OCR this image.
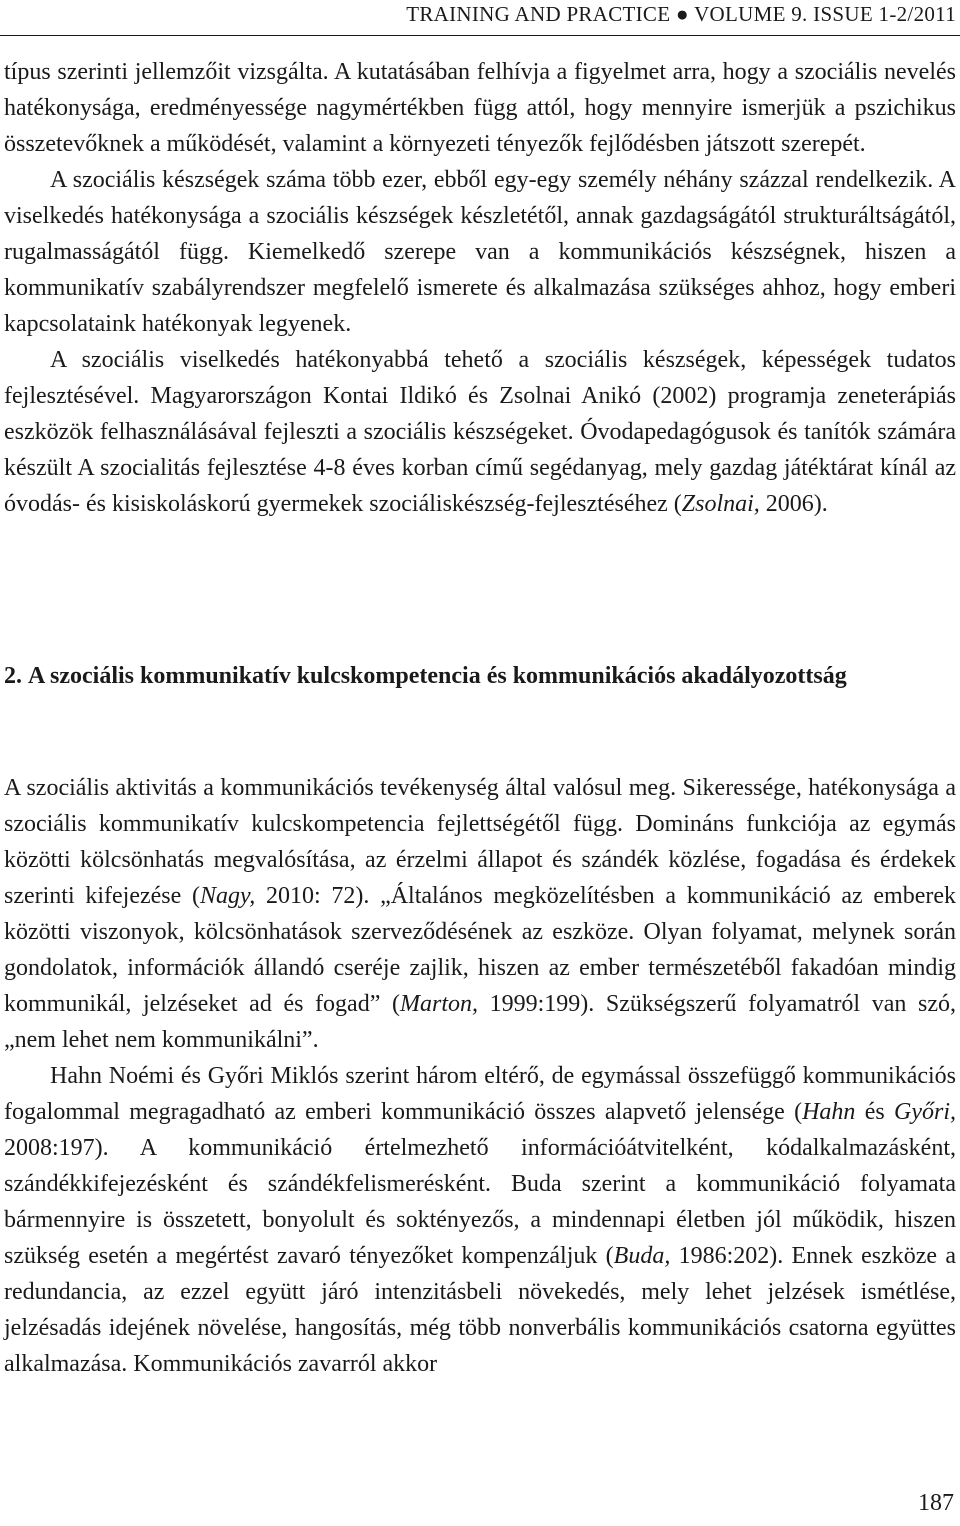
TRAINING AND PRACTICE ● VOLUME 9. ISSUE 1-2/2011

típus szerinti jellemzőit vizsgálta. A kutatásában felhívja a figyelmet arra, hogy a szociális nevelés hatékonysága, eredményessége nagymértékben függ attól, hogy mennyire ismerjük a pszichikus összetevőknek a működését, valamint a környezeti tényezők fejlődésben játszott szerepét.

A szociális készségek száma több ezer, ebből egy-egy személy néhány százzal rendelkezik. A viselkedés hatékonysága a szociális készségek készletétől, annak gazdagságától strukturáltságától, rugalmasságától függ. Kiemelkedő szerepe van a kommunikációs készségnek, hiszen a kommunikatív szabályrendszer megfelelő ismerete és alkalmazása szükséges ahhoz, hogy emberi kapcsolataink hatékonyak legyenek.

A szociális viselkedés hatékonyabbá tehető a szociális készségek, képességek tudatos fejlesztésével. Magyarországon Kontai Ildikó és Zsolnai Anikó (2002) programja zeneterápiás eszközök felhasználásával fejleszti a szociális készségeket. Óvodapedagógusok és tanítók számára készült A szocialitás fejlesztése 4-8 éves korban című segédanyag, mely gazdag játéktárat kínál az óvodás- és kisiskoláskorú gyermekek szociáliskészség-fejlesztéséhez (Zsolnai, 2006).

2. A szociális kommunikatív kulcskompetencia és kommunikációs akadályozottság

A szociális aktivitás a kommunikációs tevékenység által valósul meg. Sikeressége, hatékonysága a szociális kommunikatív kulcskompetencia fejlettségétől függ. Domináns funkciója az egymás közötti kölcsönhatás megvalósítása, az érzelmi állapot és szándék közlése, fogadása és érdekek szerinti kifejezése (Nagy, 2010: 72). „Általános megközelítésben a kommunikáció az emberek közötti viszonyok, kölcsönhatások szerveződésének az eszköze. Olyan folyamat, melynek során gondolatok, információk állandó cseréje zajlik, hiszen az ember természetéből fakadóan mindig kommunikál, jelzéseket ad és fogad” (Marton, 1999:199). Szükségszerű folyamatról van szó, „nem lehet nem kommunikálni”.

Hahn Noémi és Győri Miklós szerint három eltérő, de egymással összefüggő kommunikációs fogalommal megragadható az emberi kommunikáció összes alapvető jelensége (Hahn és Győri, 2008:197). A kommunikáció értelmezhető információátvitelként, kódalkalmazásként, szándékkifejezésként és szándékfelismerésként. Buda szerint a kommunikáció folyamata bármennyire is összetett, bonyolult és soktényezős, a mindennapi életben jól működik, hiszen szükség esetén a megértést zavaró tényezőket kompenzáljuk (Buda, 1986:202). Ennek eszköze a redundancia, az ezzel együtt járó intenzitásbeli növekedés, mely lehet jelzések ismétlése, jelzésadás idejének növelése, hangosítás, még több nonverbális kommunikációs csatorna együttes alkalmazása. Kommunikációs zavarról akkor

187
